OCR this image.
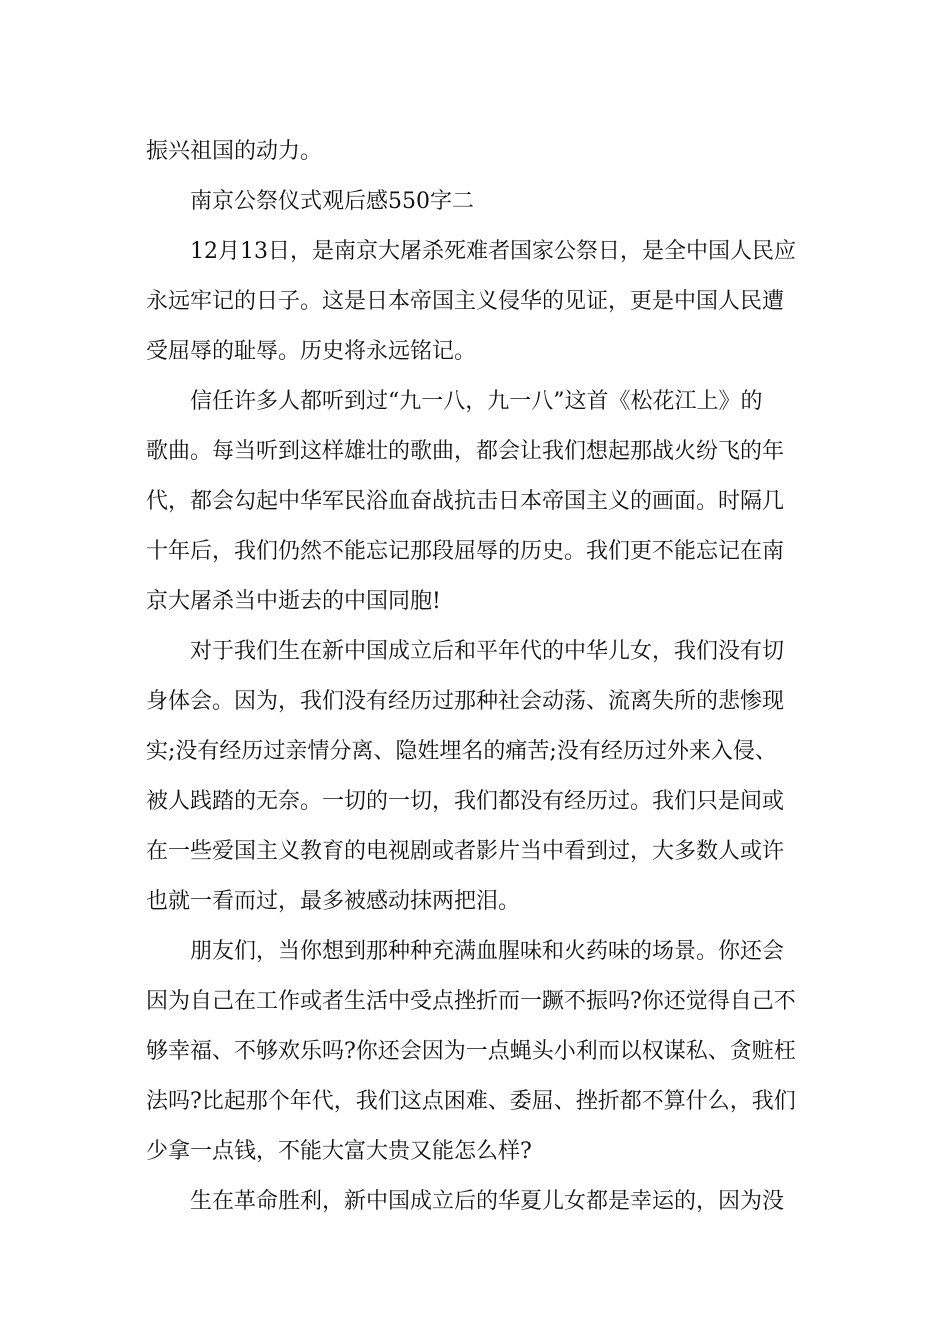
振兴祖国的动力。
南京公祭仪式观后感550字二
12月13日，是南京大屠杀死难者国家公祭日，是全中国人民应
永远牢记的日子。这是日本帝国主义侵华的见证，更是中国人民遭
受屈辱的耻辱。历史将永远铭记。
信任许多人都听到过“九一八，九一八”这首《松花江上》的
歌曲。每当听到这样雄壮的歌曲，都会让我们想起那战火纷飞的年
代，都会勾起中华军民浴血奋战抗击日本帝国主义的画面。时隔几
十年后，我们仍然不能忘记那段屈辱的历史。我们更不能忘记在南
京大屠杀当中逝去的中国同胞!
对于我们生在新中国成立后和平年代的中华儿女，我们没有切
身体会。因为，我们没有经历过那种社会动荡、流离失所的悲惨现
实;没有经历过亲情分离、隐姓埋名的痛苦;没有经历过外来入侵、
被人践踏的无奈。一切的一切，我们都没有经历过。我们只是间或
在一些爱国主义教育的电视剧或者影片当中看到过，大多数人或许
也就一看而过，最多被感动抹两把泪。
朋友们，当你想到那种种充满血腥味和火药味的场景。你还会
因为自己在工作或者生活中受点挫折而一蹶不振吗?你还觉得自己不
够幸福、不够欢乐吗?你还会因为一点蝇头小利而以权谋私、贪赃枉
法吗?比起那个年代，我们这点困难、委屈、挫折都不算什么，我们
少拿一点钱，不能大富大贵又能怎么样?
生在革命胜利，新中国成立后的华夏儿女都是幸运的，因为没
